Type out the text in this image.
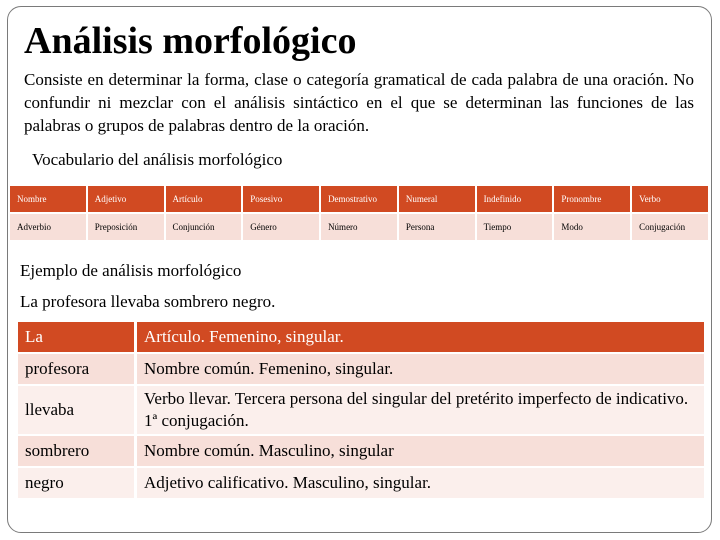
Análisis morfológico
Consiste en determinar la forma, clase o categoría gramatical de cada palabra de una oración. No confundir ni mezclar con el análisis sintáctico en el que se determinan las funciones de las palabras o grupos de palabras dentro de la oración.
Vocabulario del análisis morfológico
Nombre	Adjetivo	Artículo	Posesivo	Demostrativo	Numeral	Indefinido	Pronombre	Verbo
Adverbio	Preposición	Conjunción	Género	Número	Persona	Tiempo	Modo	Conjugación
Ejemplo de análisis morfológico
La profesora llevaba sombrero negro.
La	Artículo. Femenino, singular.
profesora	Nombre común. Femenino, singular.
llevaba	Verbo llevar. Tercera persona del singular del pretérito imperfecto de indicativo. 1ª conjugación.
sombrero	Nombre común. Masculino, singular
negro	Adjetivo calificativo. Masculino, singular.
